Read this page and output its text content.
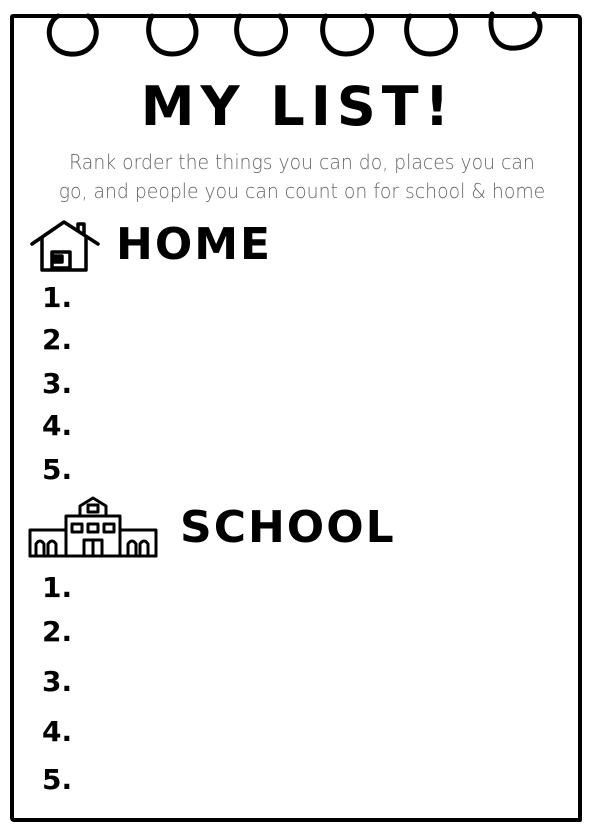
MY LIST!
Rank order the things you can do, places you can
go, and people you can count on for school & home
HOME
1.
2.
3.
4.
5.
SCHOOL
1.
2.
3.
4.
5.
